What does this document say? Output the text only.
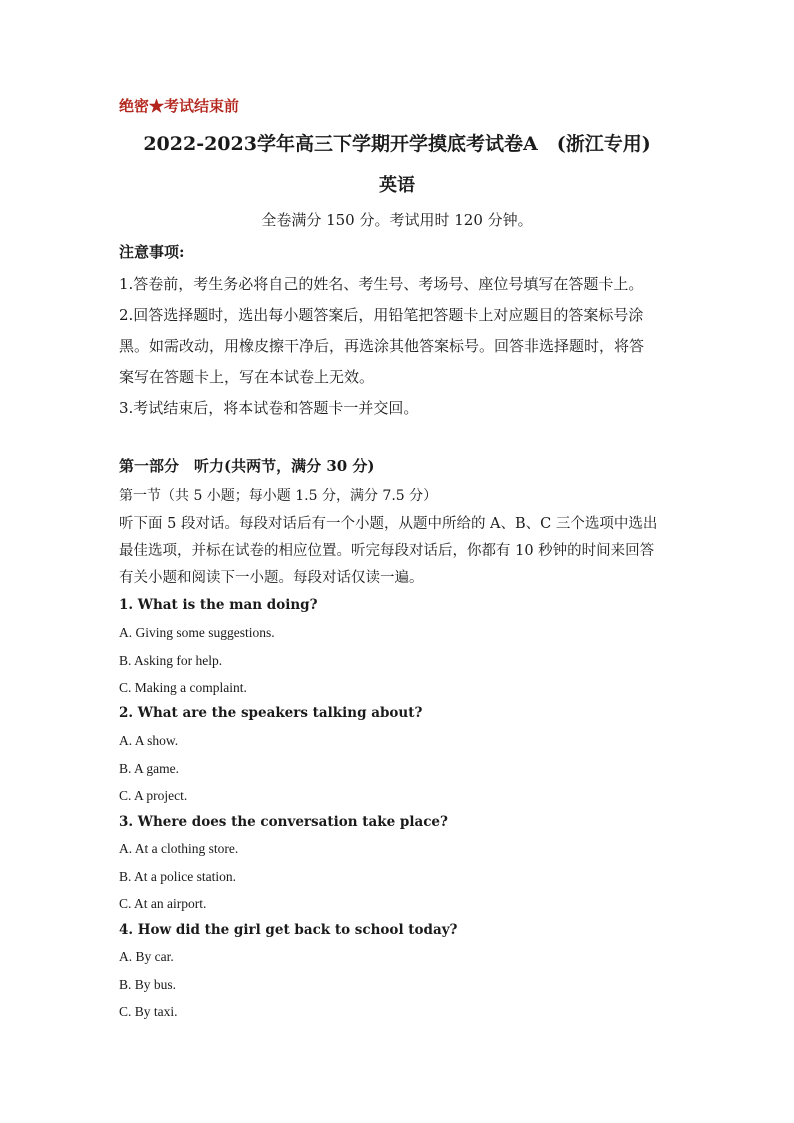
绝密★考试结束前
2022-2023学年高三下学期开学摸底考试卷A　(浙江专用)
英语
全卷满分 150 分。考试用时 120 分钟。
注意事项:
1.答卷前，考生务必将自己的姓名、考生号、考场号、座位号填写在答题卡上。
2.回答选择题时，选出每小题答案后，用铅笔把答题卡上对应题目的答案标号涂
黑。如需改动，用橡皮擦干净后，再选涂其他答案标号。回答非选择题时，将答
案写在答题卡上，写在本试卷上无效。
3.考试结束后，将本试卷和答题卡一并交回。
第一部分　听力(共两节，满分 30 分)
第一节（共 5 小题；每小题 1.5 分，满分 7.5 分）
听下面 5 段对话。每段对话后有一个小题，从题中所给的 A、B、C 三个选项中选出
最佳选项，并标在试卷的相应位置。听完每段对话后，你都有 10 秒钟的时间来回答
有关小题和阅读下一小题。每段对话仅读一遍。
1. What is the man doing?
A. Giving some suggestions.
B. Asking for help.
C. Making a complaint.
2. What are the speakers talking about?
A. A show.
B. A game.
C. A project.
3. Where does the conversation take place?
A. At a clothing store.
B. At a police station.
C. At an airport.
4. How did the girl get back to school today?
A. By car.
B. By bus.
C. By taxi.
